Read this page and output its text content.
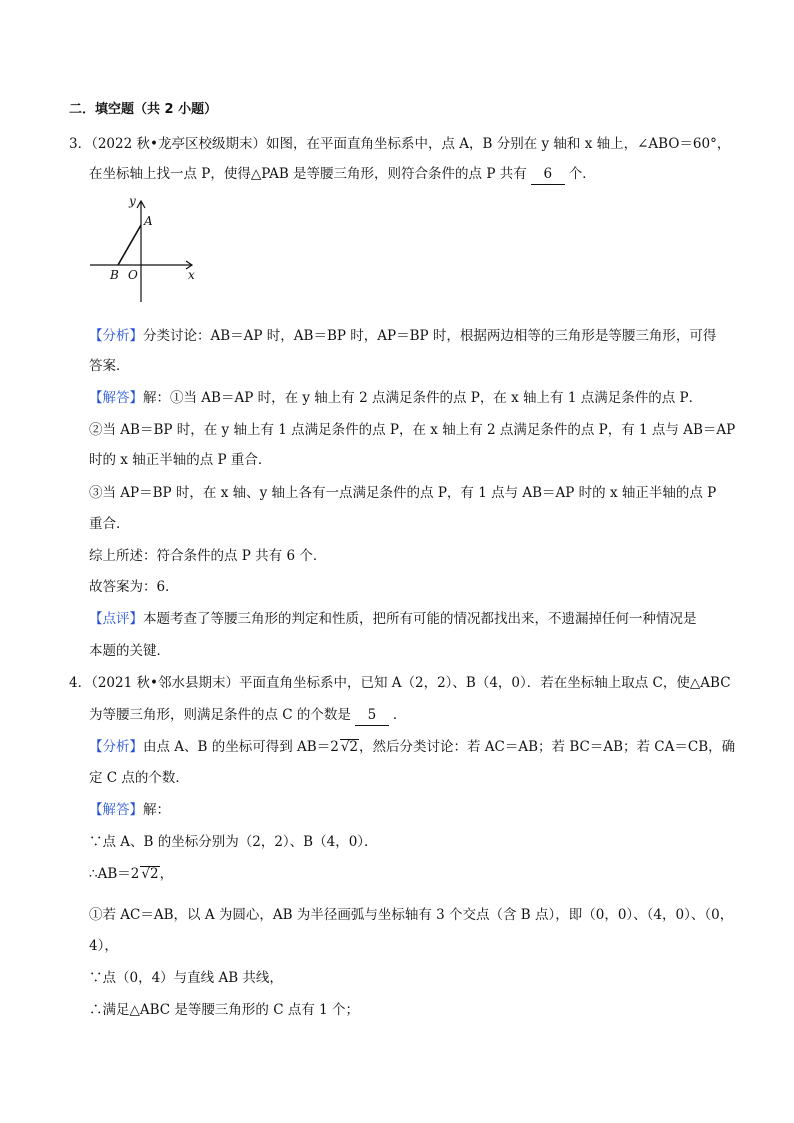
二．填空题（共 2 小题）
3．（2022 秋•龙亭区校级期末）如图，在平面直角坐标系中，点 A，B 分别在 y 轴和 x 轴上，∠ABO＝60°，
在坐标轴上找一点 P，使得△PAB 是等腰三角形，则符合条件的点 P 共有 6 个．
y
A
B O	x
【分析】分类讨论：AB＝AP 时，AB＝BP 时，AP＝BP 时，根据两边相等的三角形是等腰三角形，可得
答案．
【解答】解：①当 AB＝AP 时，在 y 轴上有 2 点满足条件的点 P，在 x 轴上有 1 点满足条件的点 P．
②当 AB＝BP 时，在 y 轴上有 1 点满足条件的点 P，在 x 轴上有 2 点满足条件的点 P，有 1 点与 AB＝AP
时的 x 轴正半轴的点 P 重合．
③当 AP＝BP 时，在 x 轴、y 轴上各有一点满足条件的点 P，有 1 点与 AB＝AP 时的 x 轴正半轴的点 P
重合．
综上所述：符合条件的点 P 共有 6 个．
故答案为：6．
【点评】本题考查了等腰三角形的判定和性质，把所有可能的情况都找出来，不遗漏掉任何一种情况是
本题的关键．
4．（2021 秋•邻水县期末）平面直角坐标系中，已知 A（2，2）、B（4，0）．若在坐标轴上取点 C，使△ABC
为等腰三角形，则满足条件的点 C 的个数是 5 ．
【分析】由点 A、B 的坐标可得到 AB＝2 √2，然后分类讨论：若 AC＝AB；若 BC＝AB；若 CA＝CB，确
定 C 点的个数．
【解答】解：
∵点 A、B 的坐标分别为（2，2）、B（4，0）．
∴AB＝2 √2，
①若 AC＝AB，以 A 为圆心，AB 为半径画弧与坐标轴有 3 个交点（含 B 点），即（0，0）、（4，0）、（0，
4），
∵点（0，4）与直线 AB 共线，
∴满足△ABC 是等腰三角形的 C 点有 1 个；
